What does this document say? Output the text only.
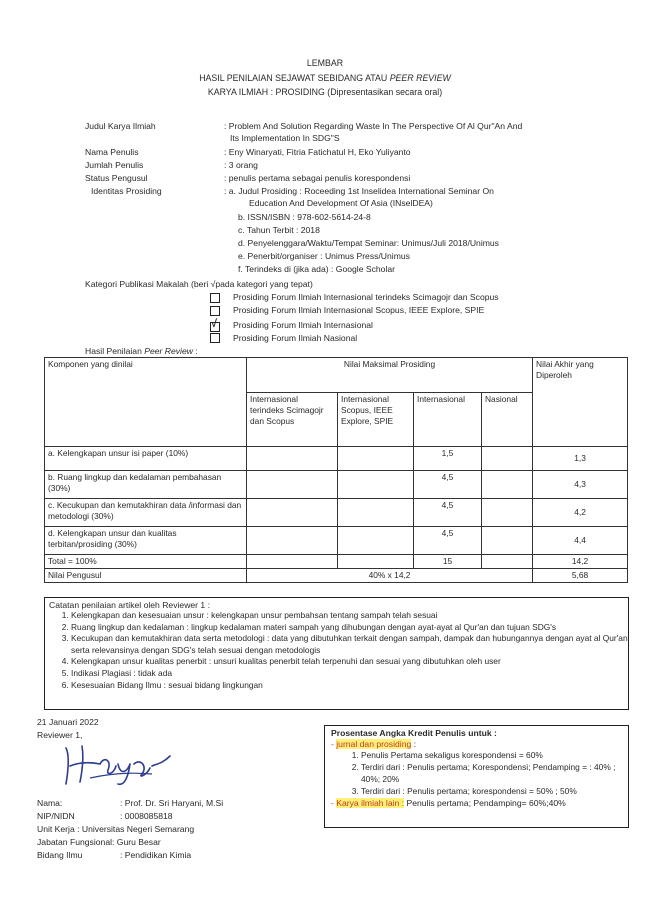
LEMBAR
HASIL PENILAIAN SEJAWAT SEBIDANG ATAU PEER REVIEW
KARYA ILMIAH : PROSIDING (Dipresentasikan secara oral)
Judul Karya Ilmiah	: Problem And Solution Regarding Waste In The Perspective Of Al Qur"An And
Its Implementation In SDG"S
Nama Penulis	: Eny Winaryati, Fitria Fatichatul H, Eko Yuliyanto
Jumlah Penulis	: 3 orang
Status Pengusul	: penulis pertama sebagai penulis korespondensi
Identitas Prosiding	: a. Judul Prosiding : Roceeding 1st Inselidea International Seminar On
Education And Development Of Asia (INselDEA)
b. ISSN/ISBN : 978-602-5614-24-8
c. Tahun Terbit : 2018
d. Penyelenggara/Waktu/Tempat Seminar: Unimus/Juli 2018/Unimus
e. Penerbit/organiser : Unimus Press/Unimus
f. Terindeks di (jika ada) : Google Scholar
Kategori Publikasi Makalah (beri √pada kategori yang tepat)
Prosiding Forum Ilmiah Internasional terindeks Scimagojr dan Scopus
Prosiding Forum Ilmiah Internasional Scopus, IEEE Explore, SPIE
√ Prosiding Forum Ilmiah Internasional
Prosiding Forum Ilmiah Nasional
Hasil Penilaian Peer Review :
Komponen yang dinilai	Nilai Maksimal Prosiding				Nilai Akhir yang Diperoleh
	Internasional terindeks Scimagojr dan Scopus	Internasional Scopus, IEEE Explore, SPIE	Internasional	Nasional	
a. Kelengkapan unsur isi paper (10%)			1,5		1,3
b. Ruang lingkup dan kedalaman pembahasan (30%)			4,5		4,3
c. Kecukupan dan kemutakhiran data /informasi dan metodologi (30%)			4,5		4,2
d. Kelengkapan unsur dan kualitas terbitan/prosiding (30%)			4,5		4,4
Total = 100%			15		14,2
Nilai Pengusul	40% x 14,2				5,68
Catatan penilaian artikel oleh Reviewer 1 :
1. Kelengkapan dan kesesuaian unsur : kelengkapan unsur pembahsan tentang sampah telah sesuai
2. Ruang lingkup dan kedalaman : lingkup kedalaman materi sampah yang dihubungan dengan ayat-ayat al Qur'an dan tujuan SDG's
3. Kecukupan dan kemutakhiran data serta metodologi : data yang dibutuhkan terkait dengan sampah, dampak dan hubungannya dengan ayat al Qur'an serta relevansinya dengan SDG's telah sesuai dengan metodologis
4. Kelengkapan unsur kualitas penerbit : unsuri kualitas penerbit telah terpenuhi dan sesuai yang dibutuhkan oleh user
5. Indikasi Plagiasi : tidak ada
6. Kesesuaian Bidang Ilmu : sesuai bidang lingkungan
21 Januari 2022
Reviewer 1,
Nama:	: Prof. Dr. Sri Haryani, M.Si
NIP/NIDN	: 0008085818
Unit Kerja : Universitas Negeri Semarang
Jabatan Fungsional: Guru Besar
Bidang Ilmu	: Pendidikan Kimia
Prosentase Angka Kredit Penulis untuk :
- jurnal dan prosiding :
1. Penulis Pertama sekaligus korespondensi = 60%
2. Terdiri dari : Penulis pertama; Korespondensi; Pendamping = : 40% ; 40%; 20%
3. Terdiri dari : Penulis pertama; korespondensi = 50% ; 50%
- Karya ilmiah lain : Penulis pertama; Pendamping= 60%;40%
